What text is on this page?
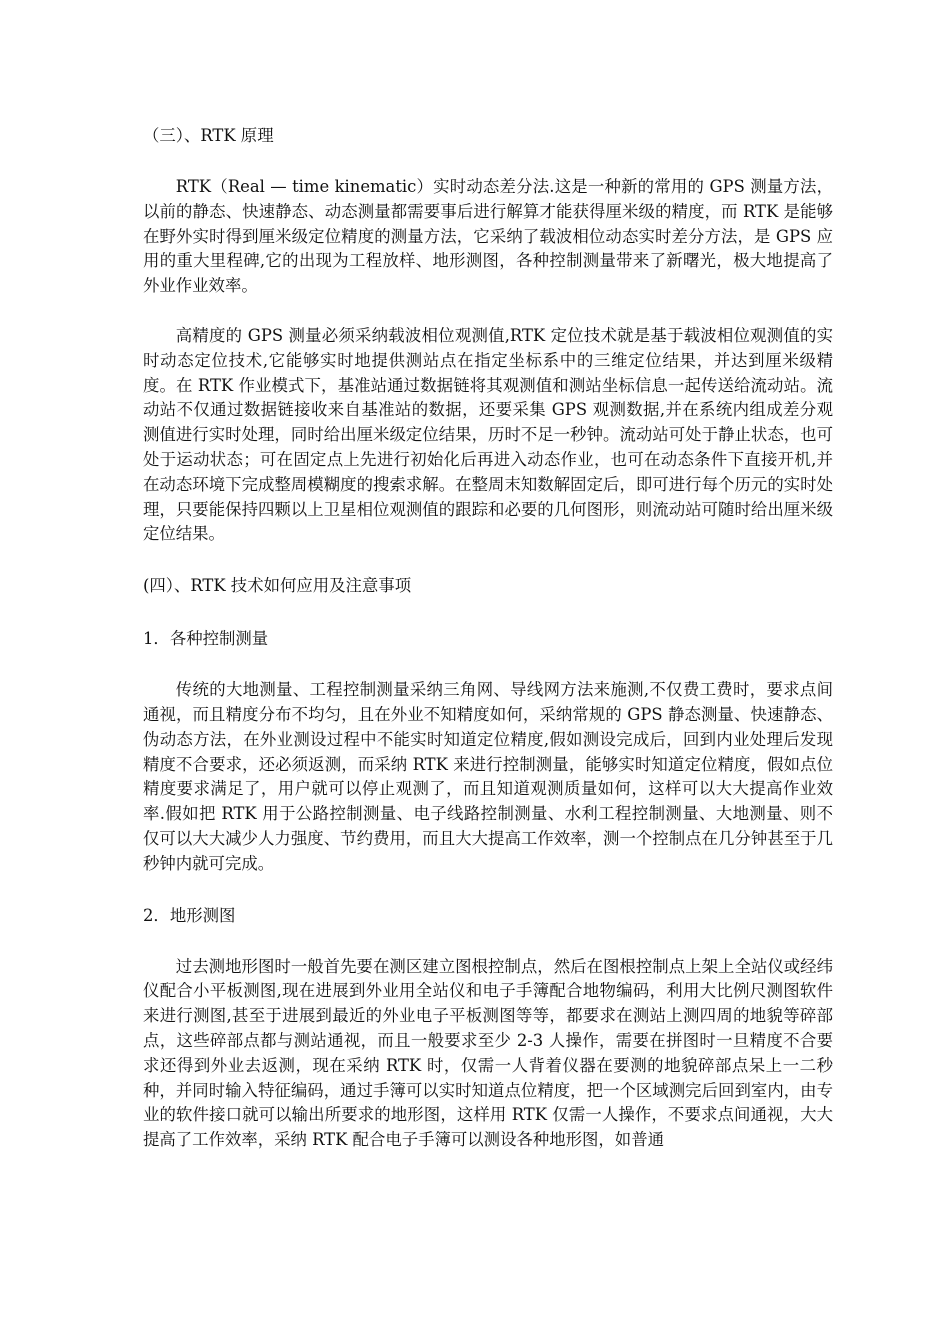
（三）、RTK 原理

RTK（Real — time kinematic）实时动态差分法.这是一种新的常用的 GPS 测量方法，以前的静态、快速静态、动态测量都需要事后进行解算才能获得厘米级的精度，而 RTK 是能够在野外实时得到厘米级定位精度的测量方法，它采纳了载波相位动态实时差分方法，是 GPS 应用的重大里程碑,它的出现为工程放样、地形测图，各种控制测量带来了新曙光，极大地提高了外业作业效率。

高精度的 GPS 测量必须采纳载波相位观测值,RTK 定位技术就是基于载波相位观测值的实时动态定位技术,它能够实时地提供测站点在指定坐标系中的三维定位结果，并达到厘米级精度。在 RTK 作业模式下，基准站通过数据链将其观测值和测站坐标信息一起传送给流动站。流动站不仅通过数据链接收来自基准站的数据，还要采集 GPS 观测数据,并在系统内组成差分观测值进行实时处理，同时给出厘米级定位结果，历时不足一秒钟。流动站可处于静止状态，也可处于运动状态；可在固定点上先进行初始化后再进入动态作业，也可在动态条件下直接开机,并在动态环境下完成整周模糊度的搜索求解。在整周末知数解固定后，即可进行每个历元的实时处理，只要能保持四颗以上卫星相位观测值的跟踪和必要的几何图形，则流动站可随时给出厘米级定位结果。

(四）、RTK 技术如何应用及注意事项
1．各种控制测量

传统的大地测量、工程控制测量采纳三角网、导线网方法来施测,不仅费工费时，要求点间通视，而且精度分布不均匀，且在外业不知精度如何，采纳常规的 GPS 静态测量、快速静态、伪动态方法，在外业测设过程中不能实时知道定位精度,假如测设完成后，回到内业处理后发现精度不合要求，还必须返测，而采纳 RTK 来进行控制测量，能够实时知道定位精度，假如点位精度要求满足了，用户就可以停止观测了，而且知道观测质量如何，这样可以大大提高作业效率.假如把 RTK 用于公路控制测量、电子线路控制测量、水利工程控制测量、大地测量、则不仅可以大大减少人力强度、节约费用，而且大大提高工作效率，测一个控制点在几分钟甚至于几秒钟内就可完成。

2．地形测图

过去测地形图时一般首先要在测区建立图根控制点，然后在图根控制点上架上全站仪或经纬仪配合小平板测图,现在进展到外业用全站仪和电子手簿配合地物编码，利用大比例尺测图软件来进行测图,甚至于进展到最近的外业电子平板测图等等，都要求在测站上测四周的地貌等碎部点，这些碎部点都与测站通视，而且一般要求至少 2-3 人操作，需要在拼图时一旦精度不合要求还得到外业去返测，现在采纳 RTK 时，仅需一人背着仪器在要测的地貌碎部点呆上一二秒种，并同时输入特征编码，通过手簿可以实时知道点位精度，把一个区域测完后回到室内，由专业的软件接口就可以输出所要求的地形图，这样用 RTK 仅需一人操作，不要求点间通视，大大提高了工作效率，采纳 RTK 配合电子手簿可以测设各种地形图，如普通
